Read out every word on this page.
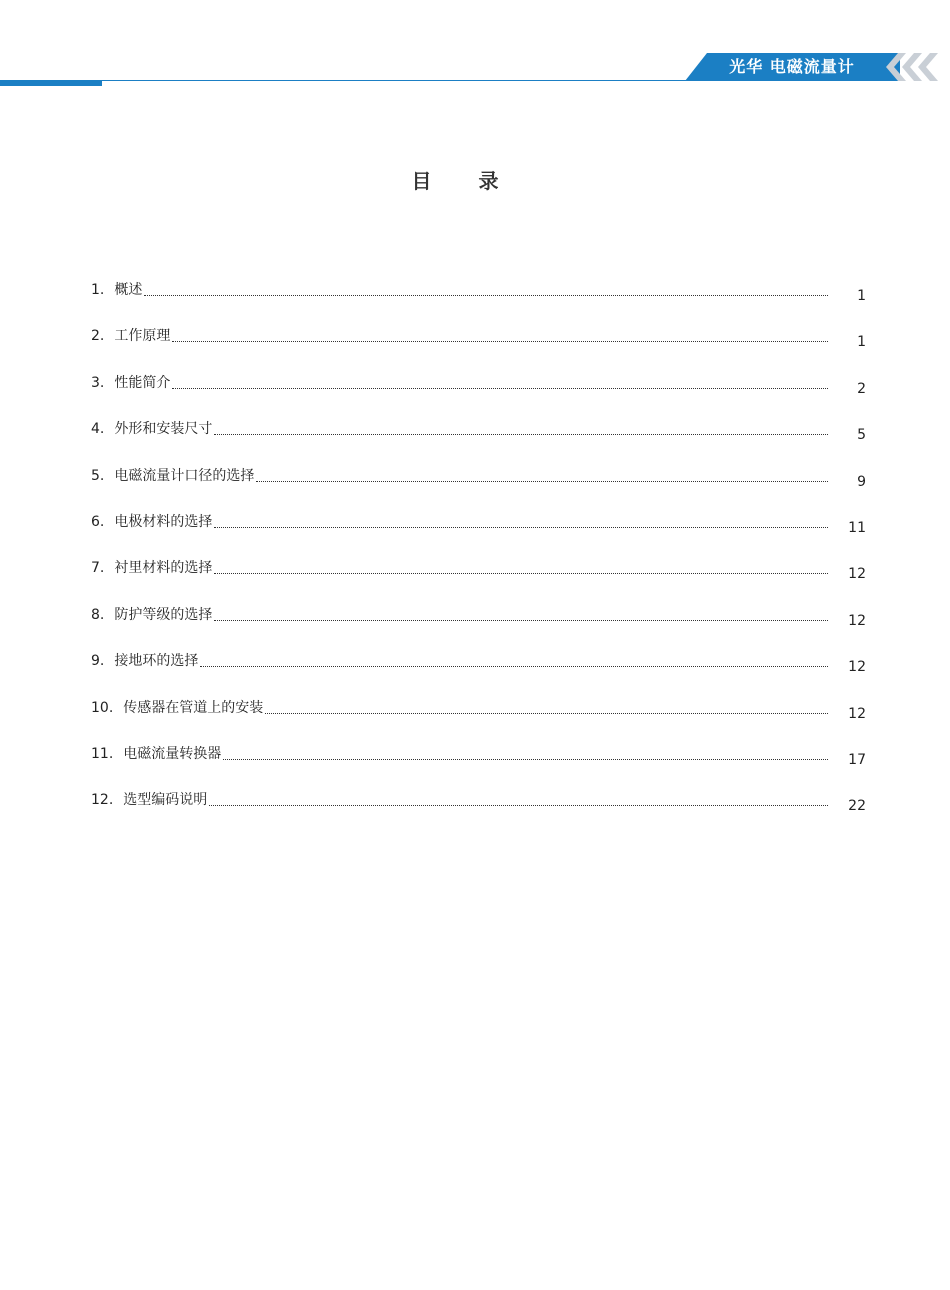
光华 电磁流量计
目 录
1. 概述	1
2. 工作原理	1
3. 性能简介	2
4. 外形和安装尺寸	5
5. 电磁流量计口径的选择	9
6. 电极材料的选择	11
7. 衬里材料的选择	12
8. 防护等级的选择	12
9. 接地环的选择	12
10. 传感器在管道上的安装	12
11. 电磁流量转换器	17
12. 选型编码说明	22
